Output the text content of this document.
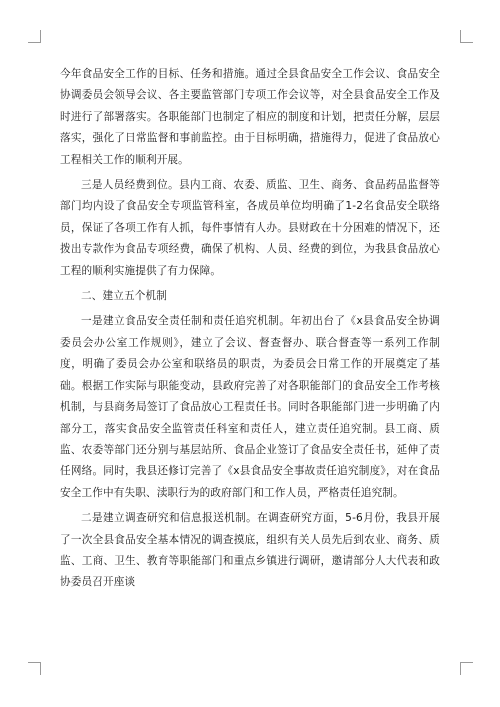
今年食品安全工作的目标、任务和措施。通过全县食品安全工作会议、食品安全协调委员会领导会议、各主要监管部门专项工作会议等，对全县食品安全工作及时进行了部署落实。各职能部门也制定了相应的制度和计划，把责任分解，层层落实，强化了日常监督和事前监控。由于目标明确，措施得力，促进了食品放心工程相关工作的顺利开展。

三是人员经费到位。县内工商、农委、质监、卫生、商务、食品药品监督等部门均内设了食品安全专项监管科室，各成员单位均明确了1-2名食品安全联络员，保证了各项工作有人抓，每件事情有人办。县财政在十分困难的情况下，还拨出专款作为食品专项经费，确保了机构、人员、经费的到位，为我县食品放心工程的顺利实施提供了有力保障。

二、建立五个机制

一是建立食品安全责任制和责任追究机制。年初出台了《x县食品安全协调委员会办公室工作规则》，建立了会议、督查督办、联合督查等一系列工作制度，明确了委员会办公室和联络员的职责，为委员会日常工作的开展奠定了基础。根据工作实际与职能变动，县政府完善了对各职能部门的食品安全工作考核机制，与县商务局签订了食品放心工程责任书。同时各职能部门进一步明确了内部分工，落实食品安全监管责任科室和责任人，建立责任追究制。县工商、质监、农委等部门还分别与基层站所、食品企业签订了食品安全责任书，延伸了责任网络。同时，我县还修订完善了《x县食品安全事故责任追究制度》，对在食品安全工作中有失职、渎职行为的政府部门和工作人员，严格责任追究制。

二是建立调查研究和信息报送机制。在调查研究方面，5-6月份，我县开展了一次全县食品安全基本情况的调查摸底，组织有关人员先后到农业、商务、质监、工商、卫生、教育等职能部门和重点乡镇进行调研，邀请部分人大代表和政协委员召开座谈
